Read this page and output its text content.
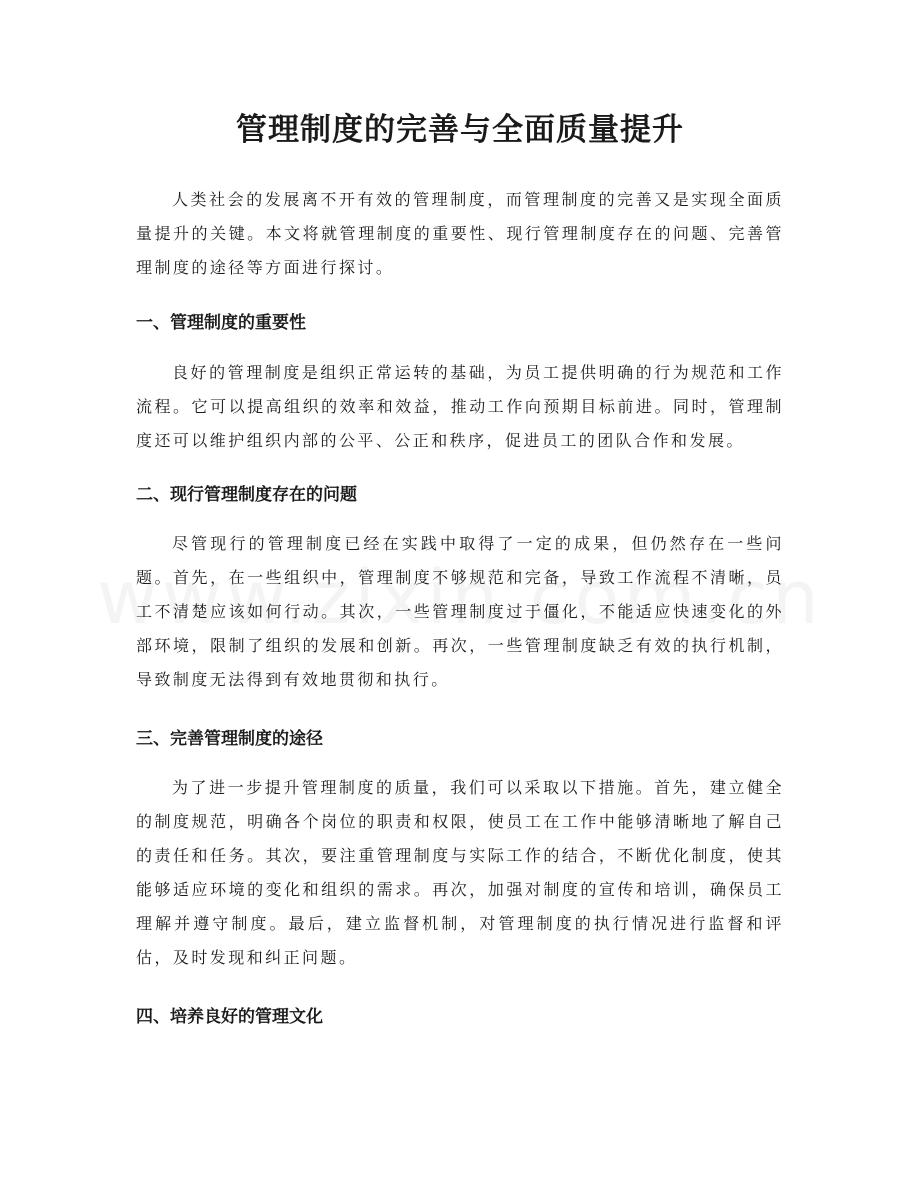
管理制度的完善与全面质量提升

人类社会的发展离不开有效的管理制度，而管理制度的完善又是实现全面质量提升的关键。本文将就管理制度的重要性、现行管理制度存在的问题、完善管理制度的途径等方面进行探讨。

一、管理制度的重要性

良好的管理制度是组织正常运转的基础，为员工提供明确的行为规范和工作流程。它可以提高组织的效率和效益，推动工作向预期目标前进。同时，管理制度还可以维护组织内部的公平、公正和秩序，促进员工的团队合作和发展。

二、现行管理制度存在的问题

尽管现行的管理制度已经在实践中取得了一定的成果，但仍然存在一些问题。首先，在一些组织中，管理制度不够规范和完备，导致工作流程不清晰，员工不清楚应该如何行动。其次，一些管理制度过于僵化，不能适应快速变化的外部环境，限制了组织的发展和创新。再次，一些管理制度缺乏有效的执行机制，导致制度无法得到有效地贯彻和执行。

三、完善管理制度的途径

为了进一步提升管理制度的质量，我们可以采取以下措施。首先，建立健全的制度规范，明确各个岗位的职责和权限，使员工在工作中能够清晰地了解自己的责任和任务。其次，要注重管理制度与实际工作的结合，不断优化制度，使其能够适应环境的变化和组织的需求。再次，加强对制度的宣传和培训，确保员工理解并遵守制度。最后，建立监督机制，对管理制度的执行情况进行监督和评估，及时发现和纠正问题。

四、培养良好的管理文化
